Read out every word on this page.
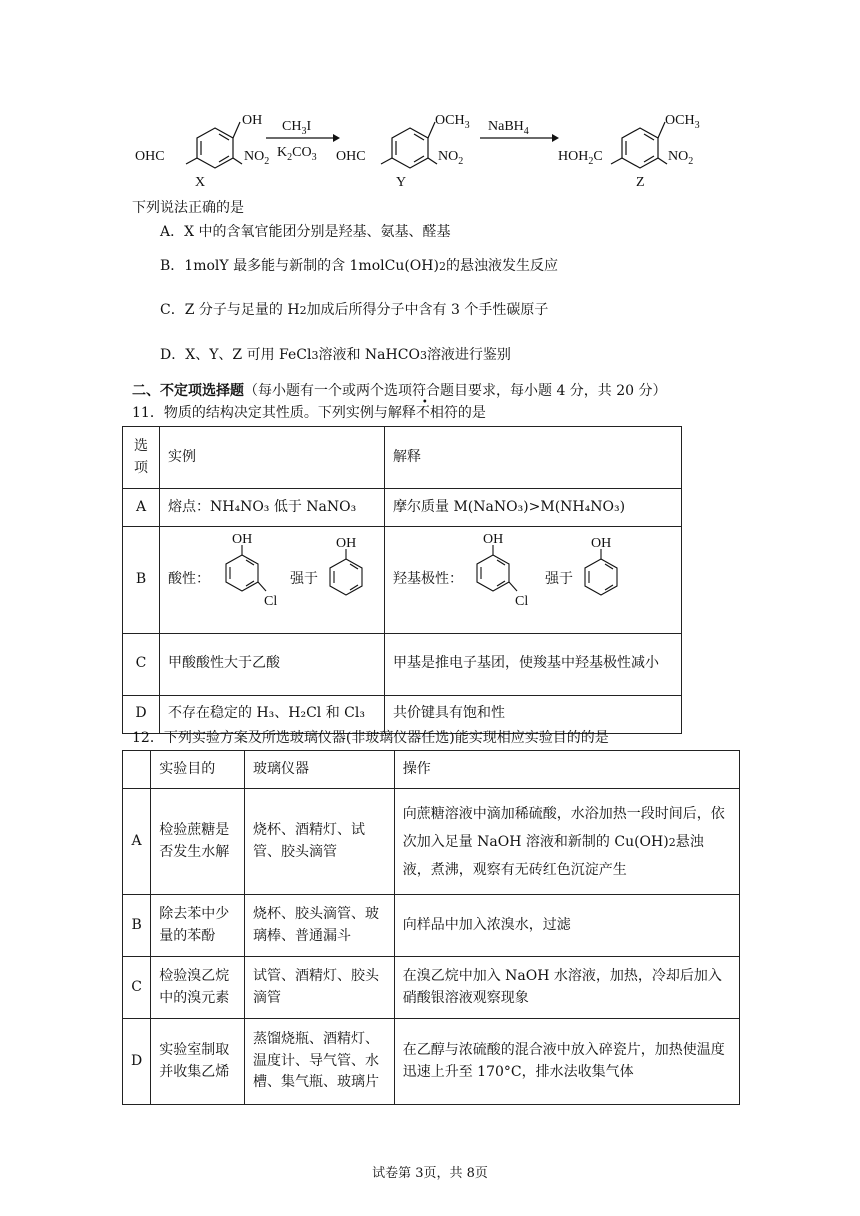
OH
OHC	$NO_2$
X
$CH_3I$
$K_2CO_3$
$OCH_3$
OHC	$NO_2$
Y
NaBH$_4$
$OCH_3$
$HOH_2C$	$NO_2$
Z
下列说法正确的是
A．X 中的含氧官能团分别是羟基、氨基、醛基
B．1molY 最多能与新制的含 1molCu(OH)2的悬浊液发生反应
C．Z 分子与足量的 H2加成后所得分子中含有 3 个手性碳原子
D．X、Y、Z 可用 FeCl3溶液和 NaHCO3溶液进行鉴别
二、不定项选择题（每小题有一个或两个选项符合题目要求，每小题 4 分，共 20 分）
11．物质的结构决定其性质。下列实例与解释不
•
相符的是
选项	实例	解释
A	熔点：NH₄NO₃ 低于 NaNO₃	摩尔质量 M(NaNO₃)>M(NH₄NO₃)
B	酸性：
OH
Cl
强于
OH	羟基极性：
OH
Cl
强于
OH

C	甲酸酸性大于乙酸	甲基是推电子基团，使羧基中羟基极性减小
D	不存在稳定的 H₃、H₂Cl 和 Cl₃	共价键具有饱和性
12．下列实验方案及所选玻璃仪器(非玻璃仪器任选)能实现相应实验目的的是
	实验目的	玻璃仪器	操作
A	检验蔗糖是否发生水解	烧杯、酒精灯、试管、胶头滴管	向蔗糖溶液中滴加稀硫酸，水浴加热一段时间后，依次加入足量 NaOH 溶液和新制的 Cu(OH)2悬浊液，煮沸，观察有无砖红色沉淀产生
B	除去苯中少量的苯酚	烧杯、胶头滴管、玻璃棒、普通漏斗	向样品中加入浓溴水，过滤
C	检验溴乙烷中的溴元素	试管、酒精灯、胶头滴管	在溴乙烷中加入 NaOH 水溶液，加热，冷却后加入硝酸银溶液观察现象
D	实验室制取并收集乙烯	蒸馏烧瓶、酒精灯、温度计、导气管、水槽、集气瓶、玻璃片	在乙醇与浓硫酸的混合液中放入碎瓷片，加热使温度迅速上升至 170°C，排水法收集气体
试卷第 3页，共 8页
